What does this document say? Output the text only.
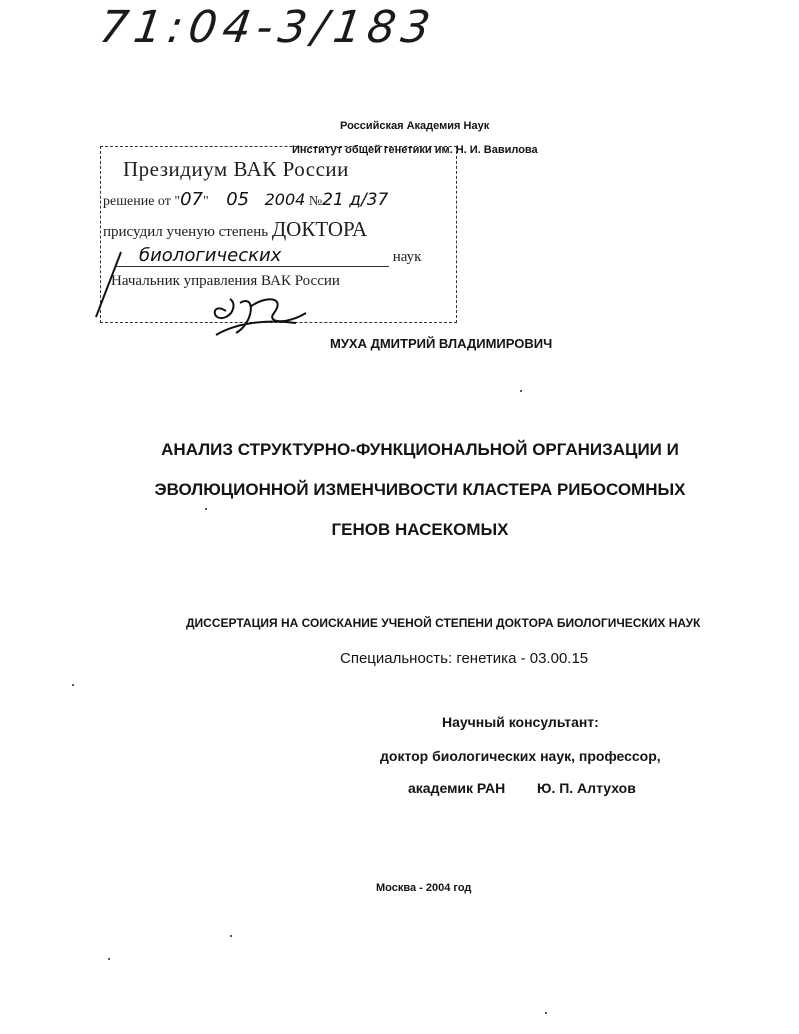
71:04-3/183
Российская Академия Наук
Институт общей генетики им. Н. И. Вавилова
Президиум ВАК России
решение от "07" 05 2004 №21 д/37
присудил ученую степень ДОКТОРА
биологических	наук
Начальник управления ВАК России
МУХА ДМИТРИЙ ВЛАДИМИРОВИЧ
АНАЛИЗ СТРУКТУРНО-ФУНКЦИОНАЛЬНОЙ ОРГАНИЗАЦИИ И
ЭВОЛЮЦИОННОЙ ИЗМЕНЧИВОСТИ КЛАСТЕРА РИБОСОМНЫХ
ГЕНОВ НАСЕКОМЫХ
ДИССЕРТАЦИЯ НА СОИСКАНИЕ УЧЕНОЙ СТЕПЕНИ ДОКТОРА БИОЛОГИЧЕСКИХ НАУК
Специальность: генетика - 03.00.15
Научный консультант:
доктор биологических наук, профессор,
академик РАН Ю. П. Алтухов
Москва - 2004 год
